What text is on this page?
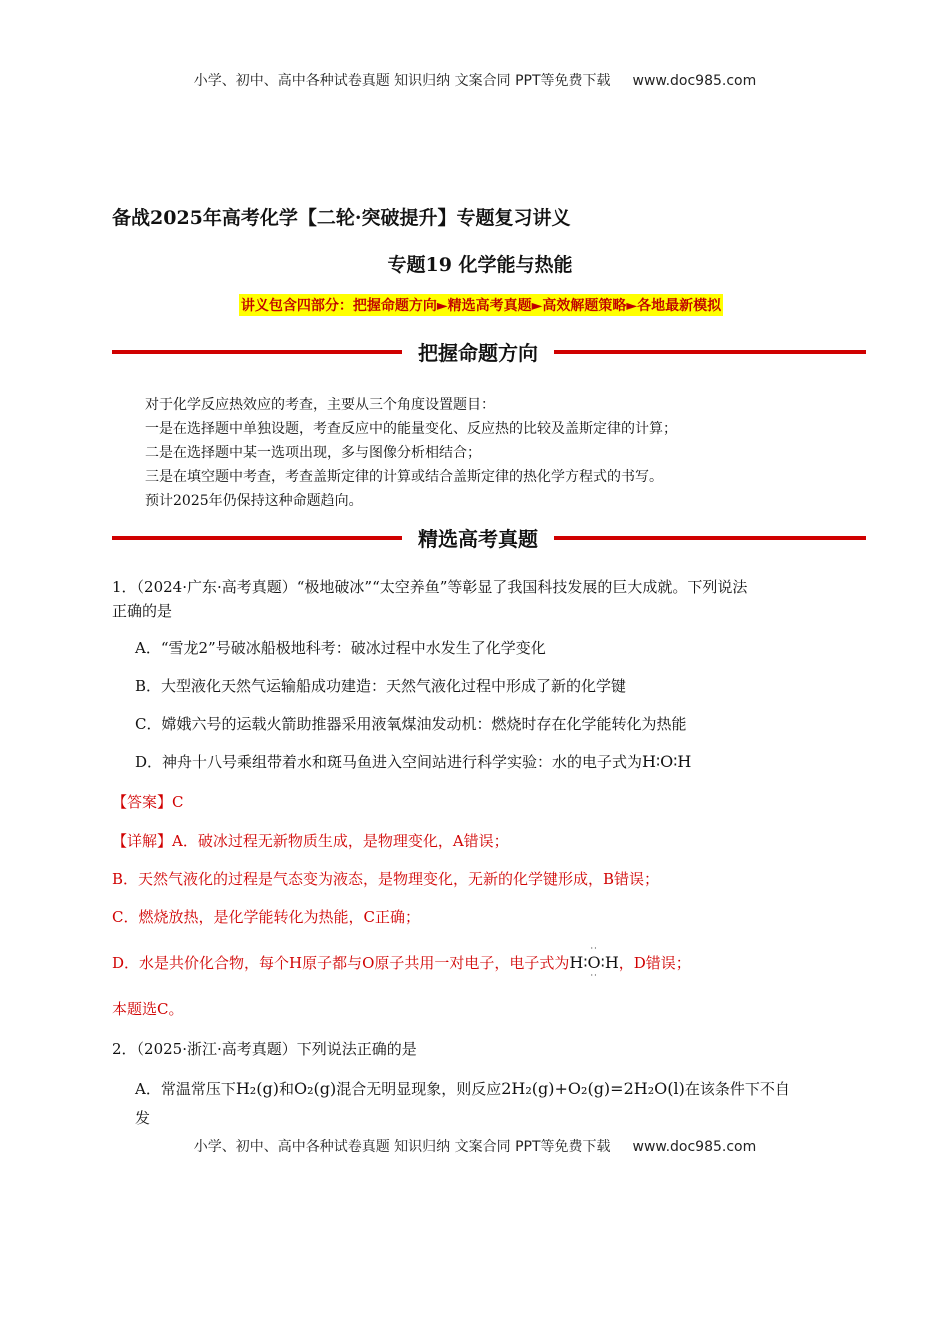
小学、初中、高中各种试卷真题 知识归纳 文案合同 PPT等免费下载 www.doc985.com
备战2025年高考化学【二轮·突破提升】专题复习讲义
专题19 化学能与热能
讲义包含四部分：把握命题方向►精选高考真题►高效解题策略►各地最新模拟
把握命题方向
对于化学反应热效应的考查，主要从三个角度设置题目：
一是在选择题中单独设题，考查反应中的能量变化、反应热的比较及盖斯定律的计算；
二是在选择题中某一选项出现，多与图像分析相结合；
三是在填空题中考查，考查盖斯定律的计算或结合盖斯定律的热化学方程式的书写。
预计2025年仍保持这种命题趋向。
精选高考真题
1．（2024·广东·高考真题）“极地破冰”“太空养鱼”等彰显了我国科技发展的巨大成就。下列说法
正确的是
A．“雪龙2”号破冰船极地科考：破冰过程中水发生了化学变化
B．大型液化天然气运输船成功建造：天然气液化过程中形成了新的化学键
C．嫦娥六号的运载火箭助推器采用液氧煤油发动机：燃烧时存在化学能转化为热能
D．神舟十八号乘组带着水和斑马鱼进入空间站进行科学实验：水的电子式为H∶O∶H
【答案】C
【详解】A．破冰过程无新物质生成，是物理变化，A错误；
B．天然气液化的过程是气态变为液态，是物理变化，无新的化学键形成，B错误；
C．燃烧放热，是化学能转化为热能，C正确；
D．水是共价化合物，每个H原子都与O原子共用一对电子，电子式为
··
H∶O∶H
··
，D错误；
本题选C。
2．（2025·浙江·高考真题）下列说法正确的是
A．常温常压下H₂(g)和O₂(g)混合无明显现象，则反应2H₂(g)+O₂(g)=2H₂O(l)在该条件下不自
发
小学、初中、高中各种试卷真题 知识归纳 文案合同 PPT等免费下载 www.doc985.com
